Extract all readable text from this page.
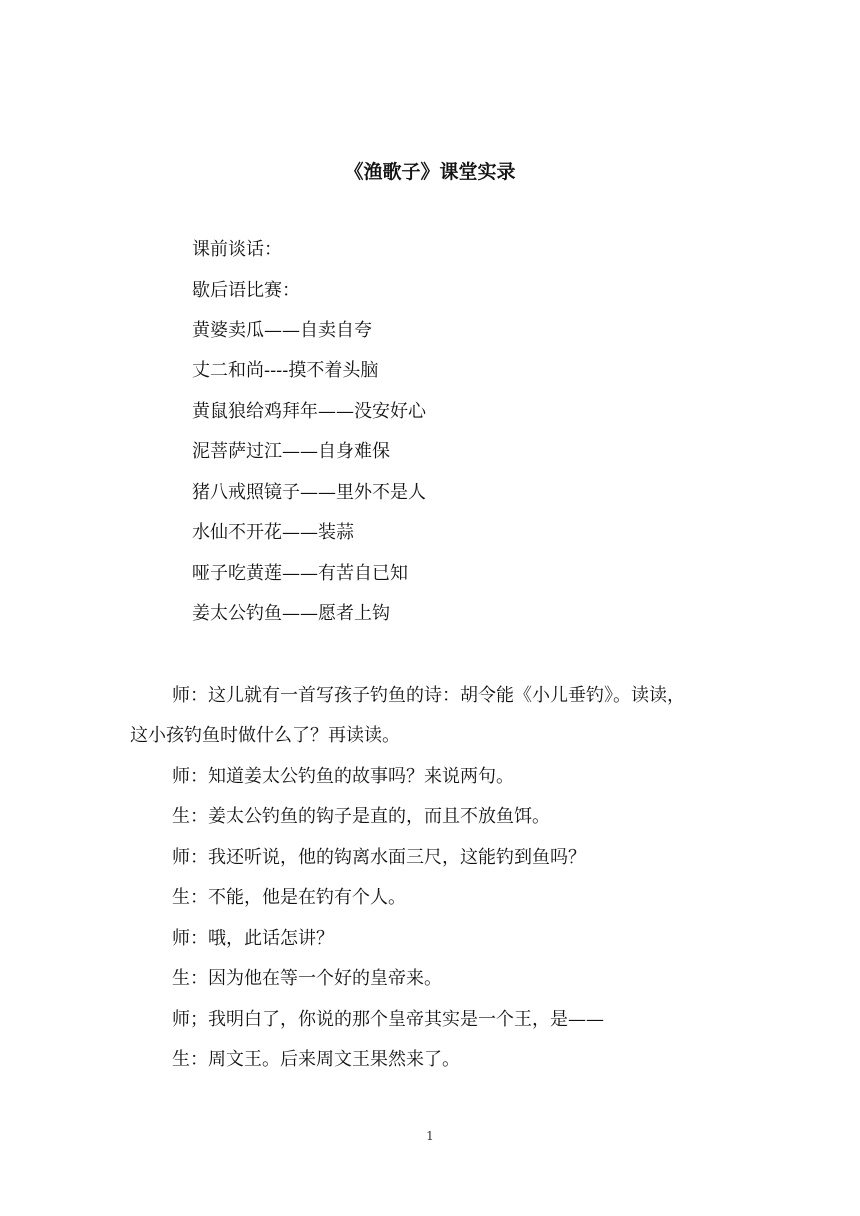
《渔歌子》课堂实录
课前谈话：
歇后语比赛：
黄婆卖瓜——自卖自夸
丈二和尚----摸不着头脑
黄鼠狼给鸡拜年——没安好心
泥菩萨过江——自身难保
猪八戒照镜子——里外不是人
水仙不开花——装蒜
哑子吃黄莲——有苦自已知
姜太公钓鱼——愿者上钩
师：这儿就有一首写孩子钓鱼的诗：胡令能《小儿垂钓》。读读，
这小孩钓鱼时做什么了？再读读。
师：知道姜太公钓鱼的故事吗？来说两句。
生：姜太公钓鱼的钩子是直的，而且不放鱼饵。
师：我还听说，他的钩离水面三尺，这能钓到鱼吗？
生：不能，他是在钓有个人。
师：哦，此话怎讲？
生：因为他在等一个好的皇帝来。
师；我明白了，你说的那个皇帝其实是一个王，是——
生：周文王。后来周文王果然来了。
1
